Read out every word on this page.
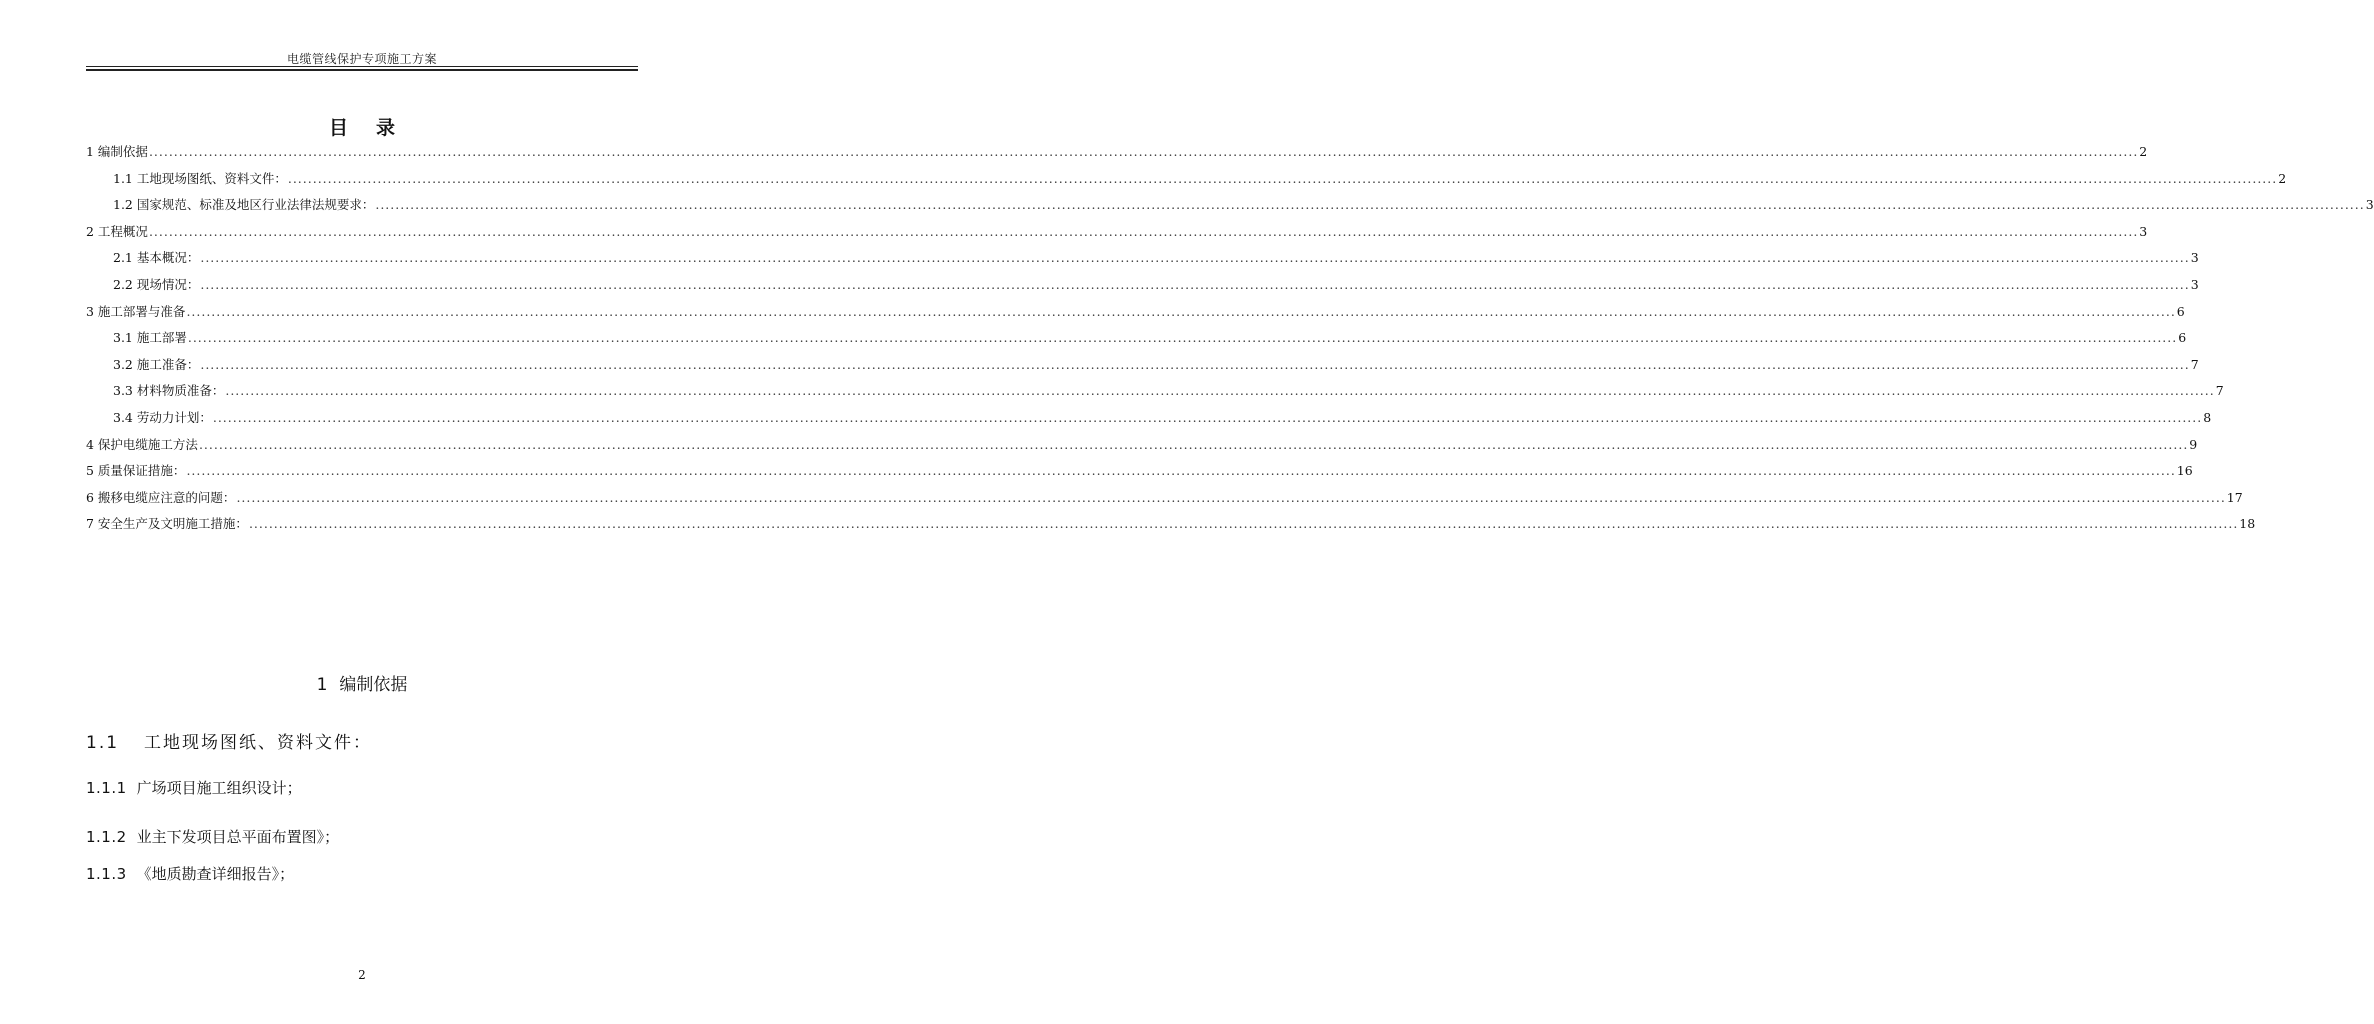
电缆管线保护专项施工方案
目录
1 编制依据 ................................................................................................................................................................................................................................................................................................................................................................................................................ 2
1.1 工地现场图纸、资料文件： ................................................................................................................................................................................................................................................................................................................................................................................................................ 2
1.2 国家规范、标准及地区行业法律法规要求： ................................................................................................................................................................................................................................................................................................................................................................................................................ 3
2 工程概况 ................................................................................................................................................................................................................................................................................................................................................................................................................ 3
2.1 基本概况： ................................................................................................................................................................................................................................................................................................................................................................................................................ 3
2.2 现场情况： ................................................................................................................................................................................................................................................................................................................................................................................................................ 3
3 施工部署与准备 ................................................................................................................................................................................................................................................................................................................................................................................................................ 6
3.1 施工部署 ................................................................................................................................................................................................................................................................................................................................................................................................................ 6
3.2 施工准备： ................................................................................................................................................................................................................................................................................................................................................................................................................ 7
3.3 材料物质准备： ................................................................................................................................................................................................................................................................................................................................................................................................................ 7
3.4 劳动力计划： ................................................................................................................................................................................................................................................................................................................................................................................................................ 8
4 保护电缆施工方法 ................................................................................................................................................................................................................................................................................................................................................................................................................ 9
5 质量保证措施： ................................................................................................................................................................................................................................................................................................................................................................................................................ 16
6 搬移电缆应注意的问题： ................................................................................................................................................................................................................................................................................................................................................................................................................ 17
7 安全生产及文明施工措施： ................................................................................................................................................................................................................................................................................................................................................................................................................ 18
1 编制依据
1.1 工地现场图纸、资料文件：
1.1.1 广场项目施工组织设计；
1.1.2 业主下发项目总平面布置图》；
1.1.3 《地质勘查详细报告》；
2
